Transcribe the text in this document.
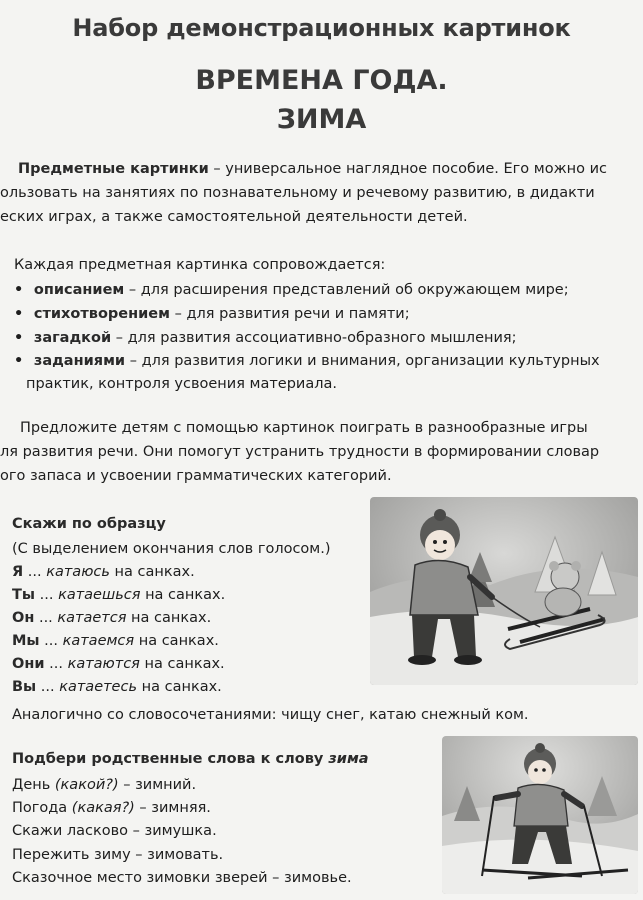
Набор демонстрационных картинок
ВРЕМЕНА ГОДА.
ЗИМА
Предметные картинки – универсальное наглядное пособие. Его можно ис
ользовать на занятиях по познавательному и речевому развитию, в дидакти
еских играх, а также самостоятельной деятельности детей.
Каждая предметная картинка сопровождается:
• описанием – для расширения представлений об окружающем мире;
• стихотворением – для развития речи и памяти;
• загадкой – для развития ассоциативно-образного мышления;
• заданиями – для развития логики и внимания, организации культурных
практик, контроля усвоения материала.
Предложите детям с помощью картинок поиграть в разнообразные игры
ля развития речи. Они помогут устранить трудности в формировании словар
ого запаса и усвоении грамматических категорий.
Скажи по образцу
(С выделением окончания слов голосом.)
Я ... катаюсь на санках.
Ты ... катаешься на санках.
Он ... катается на санках.
Мы ... катаемся на санках.
Они ... катаются на санках.
Вы ... катаетесь на санках.
Аналогично со словосочетаниями: чищу снег, катаю снежный ком.
Подбери родственные слова к слову зима
День (какой?) – зимний.
Погода (какая?) – зимняя.
Скажи ласково – зимушка.
Пережить зиму – зимовать.
Сказочное место зимовки зверей – зимовье.
